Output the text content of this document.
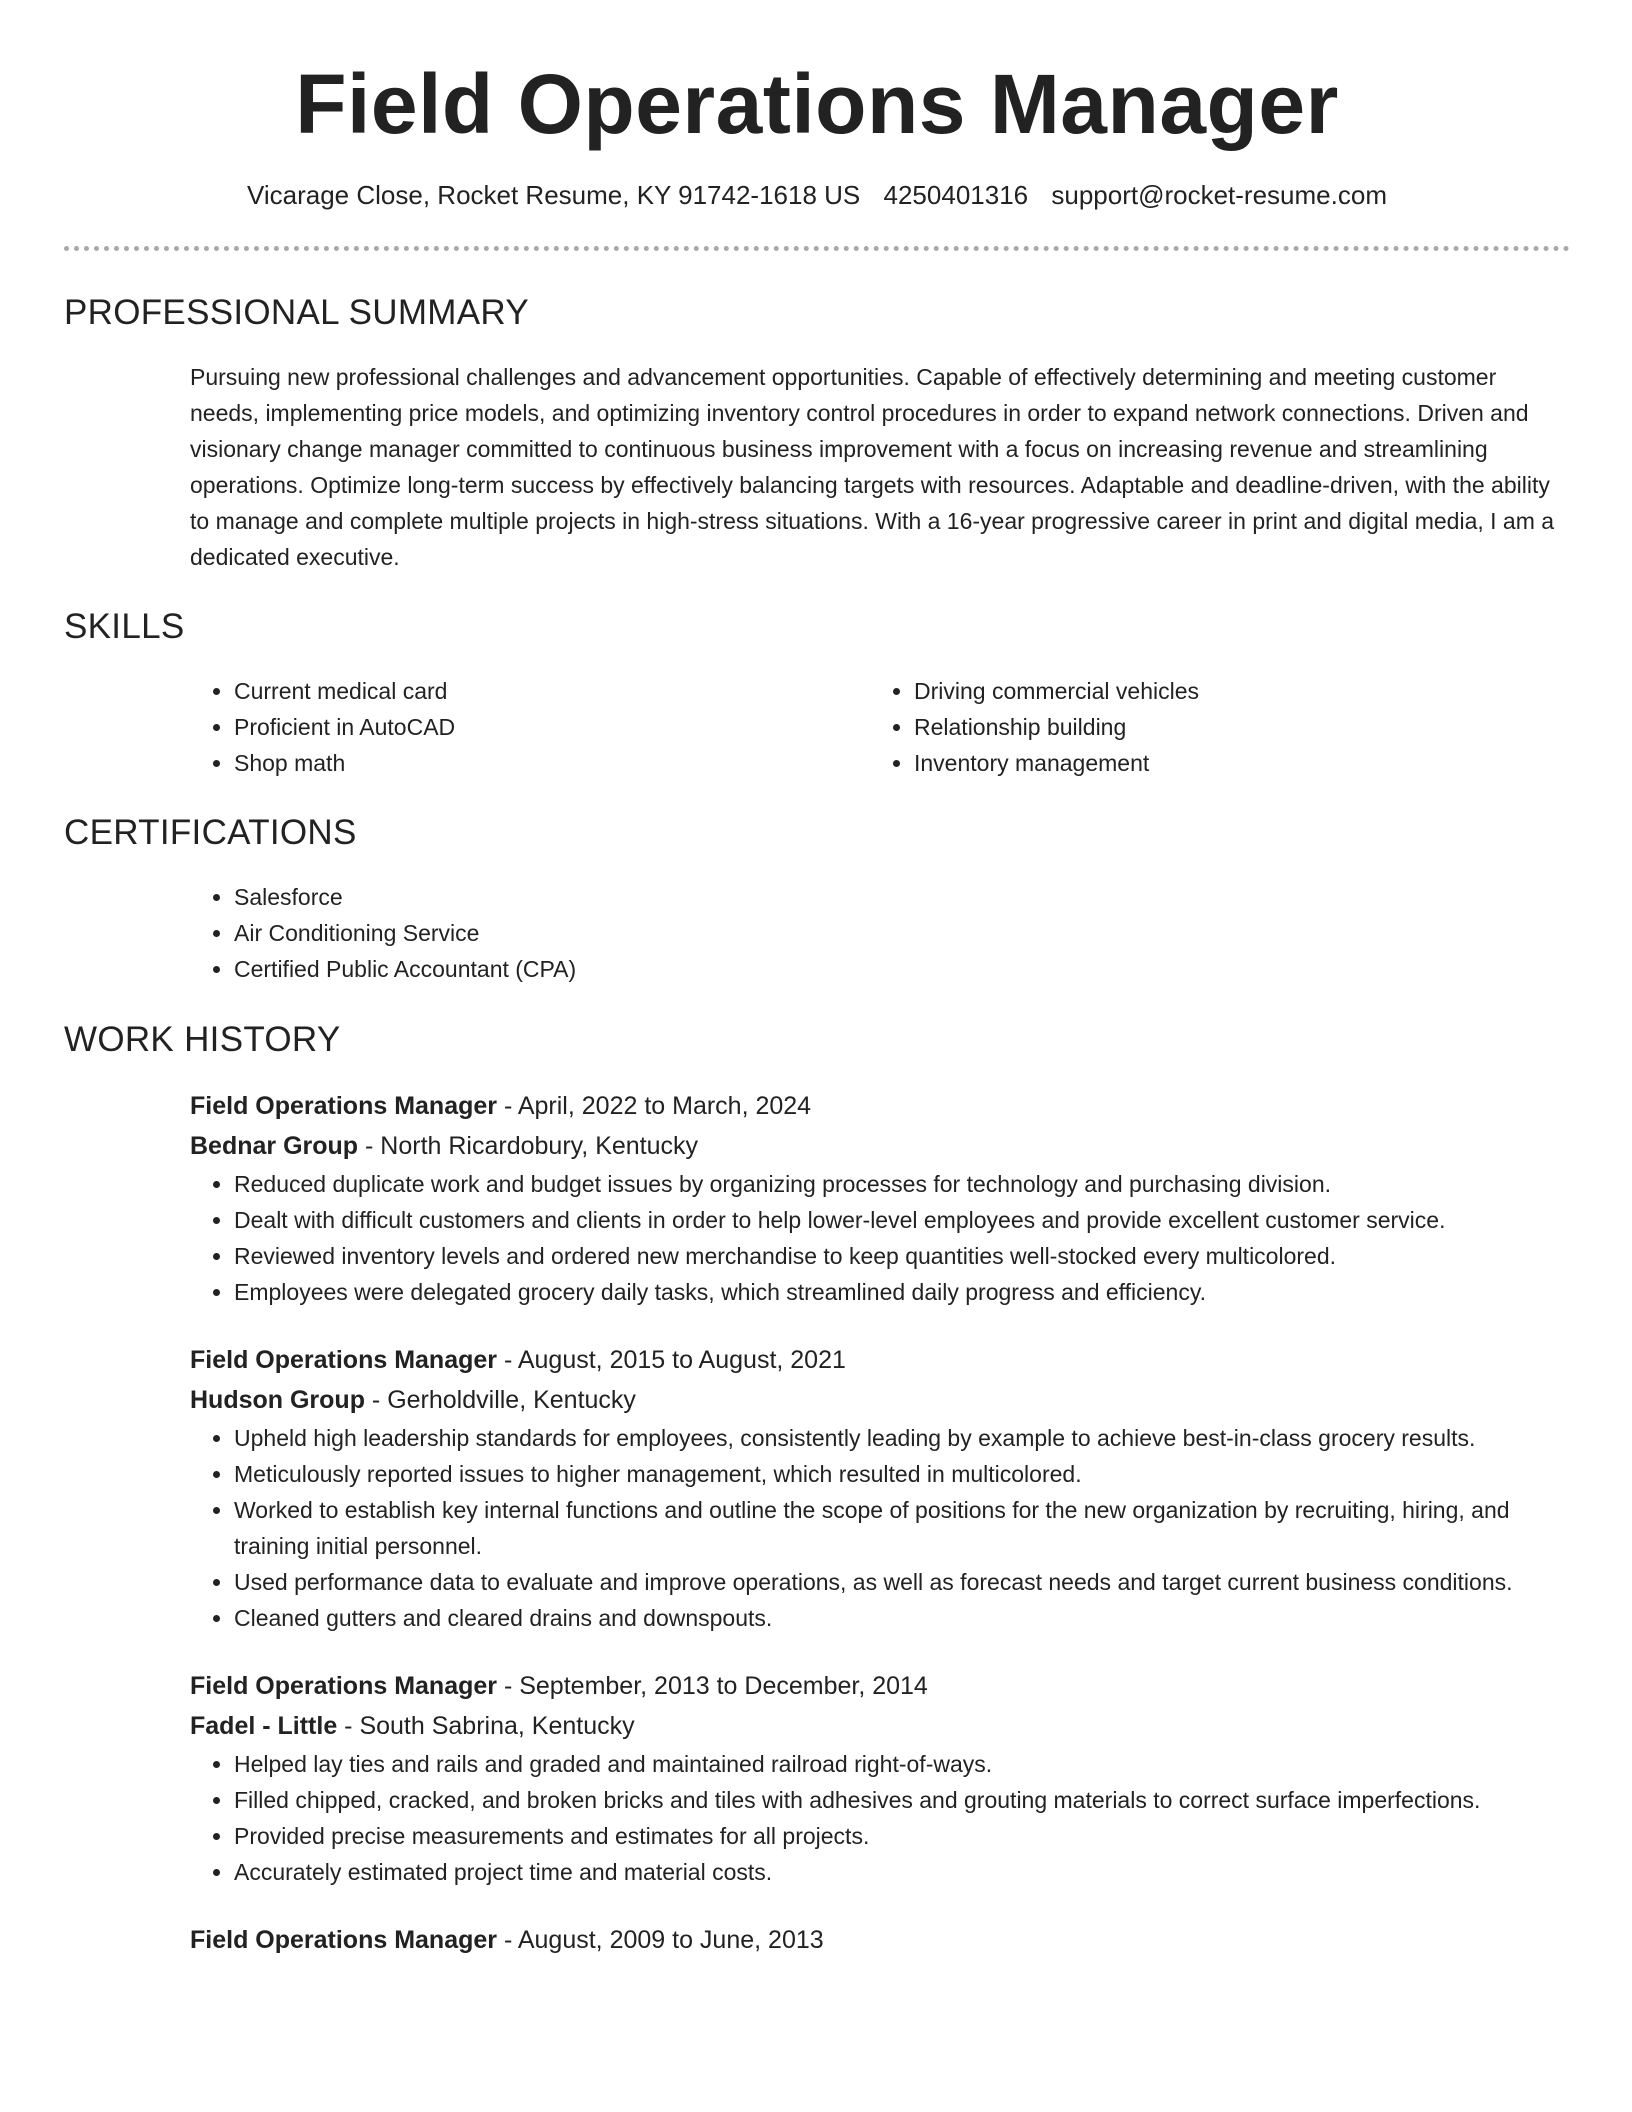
Field Operations Manager
Vicarage Close, Rocket Resume, KY 91742-1618 US 4250401316 support@rocket-resume.com
PROFESSIONAL SUMMARY

Pursuing new professional challenges and advancement opportunities. Capable of effectively determining and meeting customer needs, implementing price models, and optimizing inventory control procedures in order to expand network connections. Driven and visionary change manager committed to continuous business improvement with a focus on increasing revenue and streamlining operations. Optimize long-term success by effectively balancing targets with resources. Adaptable and deadline-driven, with the ability to manage and complete multiple projects in high-stress situations. With a 16-year progressive career in print and digital media, I am a dedicated executive.

SKILLS
• Current medical card
• Proficient in AutoCAD
• Shop math
• Driving commercial vehicles
• Relationship building
• Inventory management
CERTIFICATIONS
• Salesforce
• Air Conditioning Service
• Certified Public Accountant (CPA)
WORK HISTORY
Field Operations Manager - April, 2022 to March, 2024
Bednar Group - North Ricardobury, Kentucky
• Reduced duplicate work and budget issues by organizing processes for technology and purchasing division.
• Dealt with difficult customers and clients in order to help lower-level employees and provide excellent customer service.
• Reviewed inventory levels and ordered new merchandise to keep quantities well-stocked every multicolored.
• Employees were delegated grocery daily tasks, which streamlined daily progress and efficiency.
Field Operations Manager - August, 2015 to August, 2021
Hudson Group - Gerholdville, Kentucky
• Upheld high leadership standards for employees, consistently leading by example to achieve best-in-class grocery results.
• Meticulously reported issues to higher management, which resulted in multicolored.
• Worked to establish key internal functions and outline the scope of positions for the new organization by recruiting, hiring, and training initial personnel.
• Used performance data to evaluate and improve operations, as well as forecast needs and target current business conditions.
• Cleaned gutters and cleared drains and downspouts.
Field Operations Manager - September, 2013 to December, 2014
Fadel - Little - South Sabrina, Kentucky
• Helped lay ties and rails and graded and maintained railroad right-of-ways.
• Filled chipped, cracked, and broken bricks and tiles with adhesives and grouting materials to correct surface imperfections.
• Provided precise measurements and estimates for all projects.
• Accurately estimated project time and material costs.
Field Operations Manager - August, 2009 to June, 2013
